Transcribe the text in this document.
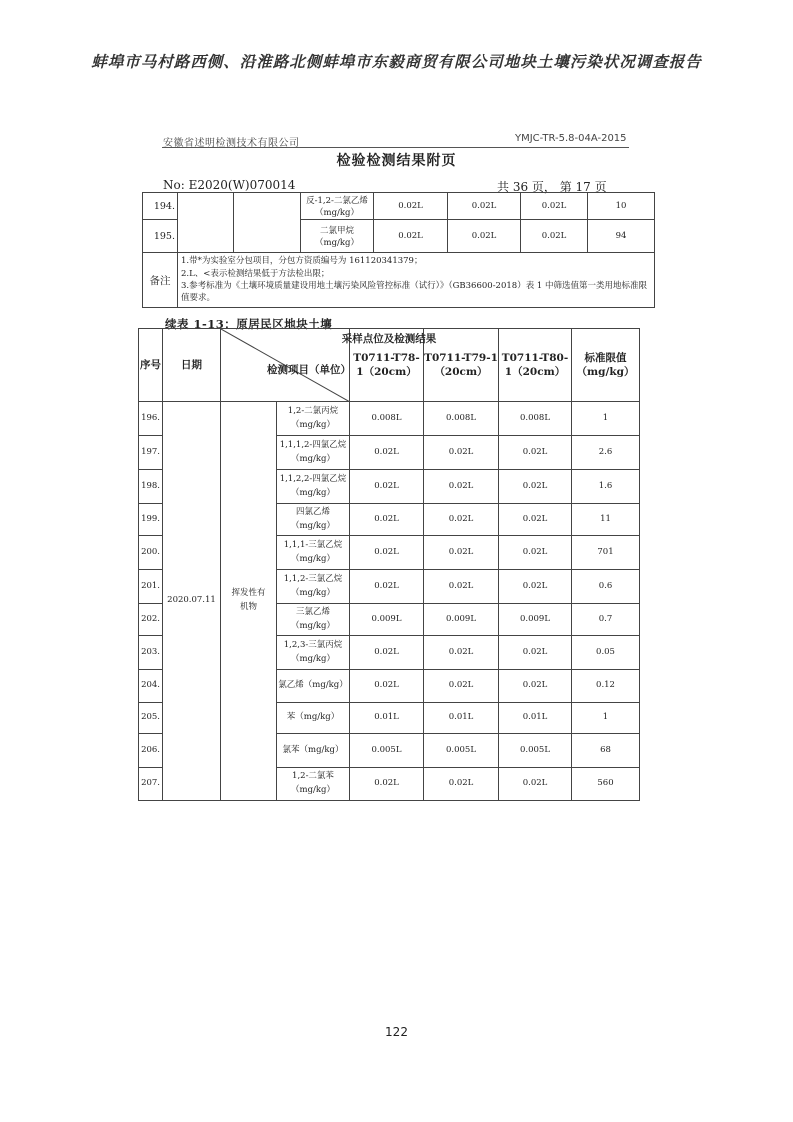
蚌埠市马村路西侧、沿淮路北侧蚌埠市东毅商贸有限公司地块土壤污染状况调查报告
安徽省述明检测技术有限公司	YMJC-TR-5.8-04A-2015
检验检测结果附页
No: E2020(W)070014	共 36 页， 第 17 页
194.			反-1,2-二氯乙烯（mg/kg）	0.02L	0.02L	0.02L	10
195.			二氯甲烷（mg/kg）	0.02L	0.02L	0.02L	94
备注	1.带*为实验室分包项目，分包方资质编号为 161120341379；
2.L、<表示检测结果低于方法检出限；
3.参考标准为《土壤环境质量建设用地土壤污染风险管控标准（试行）》（GB36600-2018）表 1 中筛选值第一类用地标准限值要求。						
续表 1-13：原居民区地块土壤
序号	日期	采样点位及检测结果
检测项目（单位）		T0711-T78-1（20cm）	T0711-T79-1（20cm）	T0711-T80-1（20cm）	标准限值（mg/kg）
196.	2020.07.11	挥发性有机物	1,2-二氯丙烷（mg/kg）	0.008L	0.008L	0.008L	1
197.			1,1,1,2-四氯乙烷（mg/kg）	0.02L	0.02L	0.02L	2.6
198.			1,1,2,2-四氯乙烷（mg/kg）	0.02L	0.02L	0.02L	1.6
199.			四氯乙烯（mg/kg）	0.02L	0.02L	0.02L	11
200.			1,1,1-三氯乙烷（mg/kg）	0.02L	0.02L	0.02L	701
201.			1,1,2-三氯乙烷（mg/kg）	0.02L	0.02L	0.02L	0.6
202.			三氯乙烯（mg/kg）	0.009L	0.009L	0.009L	0.7
203.			1,2,3-三氯丙烷（mg/kg）	0.02L	0.02L	0.02L	0.05
204.			氯乙烯（mg/kg）	0.02L	0.02L	0.02L	0.12
205.			苯（mg/kg）	0.01L	0.01L	0.01L	1
206.			氯苯（mg/kg）	0.005L	0.005L	0.005L	68
207.			1,2-二氯苯（mg/kg）	0.02L	0.02L	0.02L	560
122
